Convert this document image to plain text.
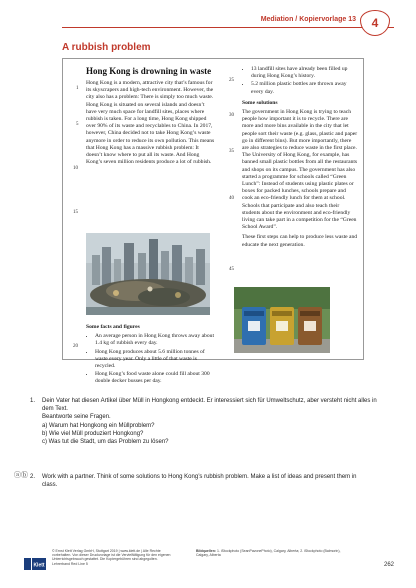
Mediation / Kopiervorlage 13	4
A rubbish problem
Hong Kong is drowning in waste

Hong Kong is a modern, attractive city that’s famous for its skyscrapers and high-tech environment. However, the city also has a problem: There is simply too much waste. Hong Kong is situated on several islands and doesn’t have very much space for landfill sites, places where rubbish is taken. For a long time, Hong Kong shipped over 90% of its waste and recyclables to China. In 2017, however, China decided not to take Hong Kong’s waste anymore in order to reduce its own pollution. This means that Hong Kong has a massive rubbish problem: It doesn’t know where to put all its waste. And Hong Kong’s seven million residents produce a lot of rubbish.

Some facts and figures
• An average person in Hong Kong throws away about 1.4 kg of rubbish every day.
• Hong Kong produces about 5.6 million tonnes of waste every year. Only a little of that waste is recycled.
• Hong Kong’s food waste alone could fill about 300 double decker busses per day.
1
5
10
15
20
• 13 landfill sites have already been filled up during Hong Kong’s history.
• 5.2 million plastic bottles are thrown away every day.
Some solutions

The government in Hong Kong is trying to teach people how important it is to recycle. There are more and more bins available in the city that let people sort their waste (e.g. glass, plastic and paper go in different bins). But more importantly, there are also strategies to reduce waste in the first place. The University of Hong Kong, for example, has banned small plastic bottles from all the restaurants and shops on its campus. The government has also started a programme for schools called “Green Lunch”: Instead of students using plastic plates or boxes for packed lunches, schools prepare and cook an eco-friendly lunch for them at school. Schools that participate and also teach their students about the environment and eco-friendly living can take part in a competition for the “Green School Award”.

These first steps can help to produce less waste and educate the next generation.

25
30
35
40
45
1. Dein Vater hat diesen Artikel über Müll in Hongkong entdeckt. Er interessiert sich für Umweltschutz, aber versteht nicht alles in dem Text.
Beantworte seine Fragen.
a) Warum hat Hongkong ein Müllproblem?
b) Wie viel Müll produziert Hongkong?
c) Was tut die Stadt, um das Problem zu lösen?
ⓐⓑ 2. Work with a partner. Think of some solutions to Hong Kong’s rubbish problem. Make a list of ideas and present them in class.
Klett
© Ernst Klett Verlag GmbH, Stuttgart 2019 | www.klett.de | Alle Rechte vorbehalten. Von dieser Druckvorlage ist die Vervielfältigung für den eigenen Unterrichtsgebrauch gestattet. Die Kopiergebühren sind abgegolten.
Lehrerband Red Line 5
Bildquellen: 1. iStockphoto (SeanPavonePhoto), Calgary, Alberta; 2. iStockphoto (Balmorin), Calgary, Alberta
262
